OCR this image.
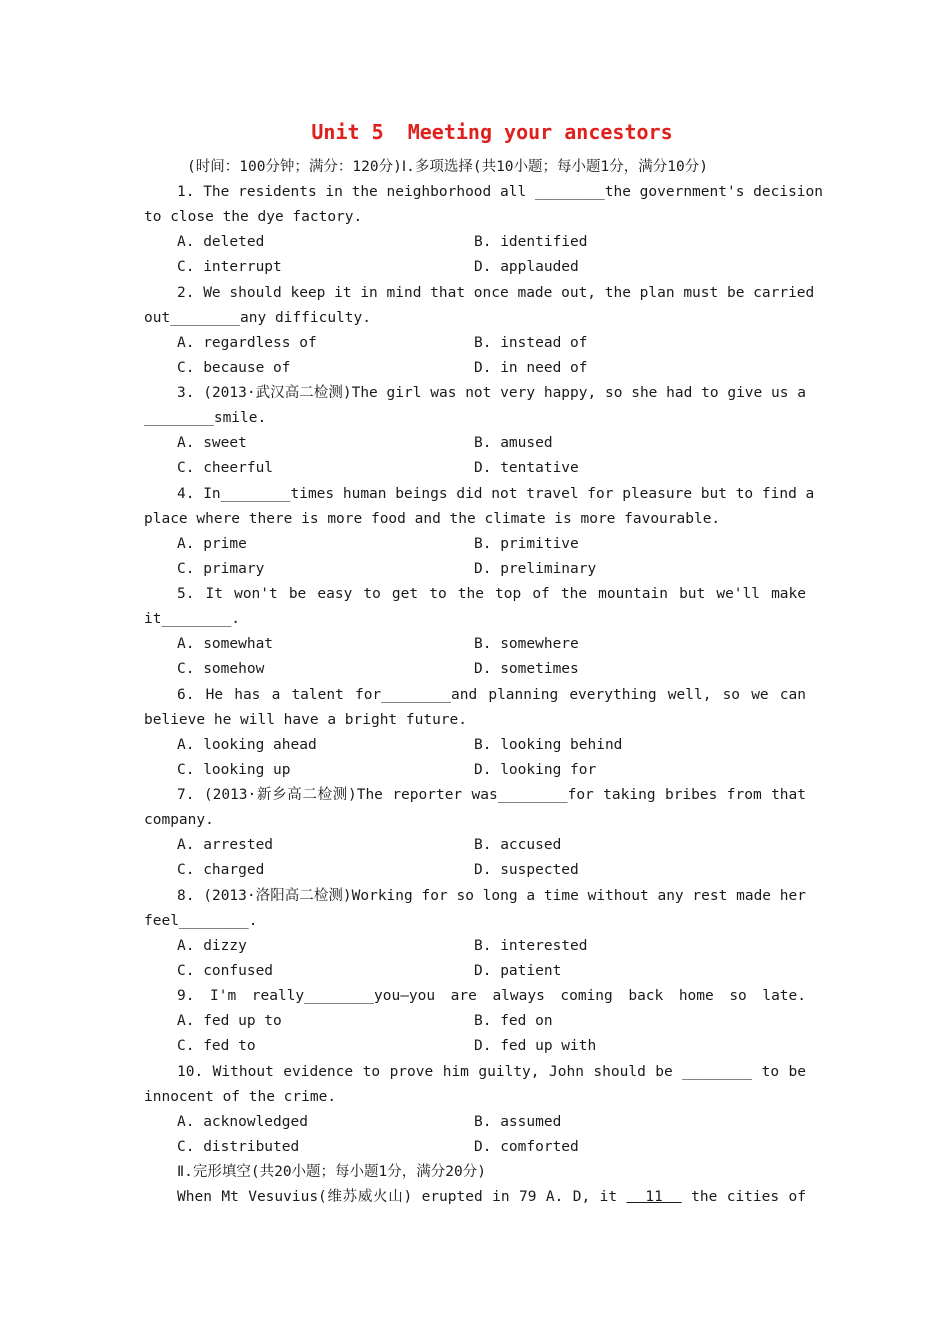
Unit 5  Meeting your ancestors
(时间：100分钟；满分：120分)Ⅰ.多项选择(共10小题；每小题1分，满分10分)
1. The residents in the neighborhood all ________the government's decision
to close the dye factory.
A. deleted	B. identified
C. interrupt	D. applauded
2. We should keep it in mind that once made out, the plan must be carried
out________any difficulty.
A. regardless of	B. instead of
C. because of	D. in need of
3. (2013·武汉高二检测)The girl was not very happy, so she had to give us a
________smile.
A. sweet	B. amused
C. cheerful	D. tentative
4. In________times human beings did not travel for pleasure but to find a
place where there is more food and the climate is more favourable.
A. prime	B. primitive
C. primary	D. preliminary
5. It won't be easy to get to the top of the mountain but we'll make
it________.
A. somewhat	B. somewhere
C. somehow	D. sometimes
6. He has a talent for________and planning everything well, so we can
believe he will have a bright future.
A. looking ahead	B. looking behind
C. looking up	D. looking for
7. (2013·新乡高二检测)The reporter was________for taking bribes from that
company.
A. arrested	B. accused
C. charged	D. suspected
8. (2013·洛阳高二检测)Working for so long a time without any rest made her
feel________.
A. dizzy	B. interested
C. confused	D. patient
9. I'm really________you—you are always coming back home so late.
A. fed up to	B. fed on
C. fed to	D. fed up with
10. Without evidence to prove him guilty, John should be ________ to be
innocent of the crime.
A. acknowledged	B. assumed
C. distributed	D. comforted
Ⅱ.完形填空(共20小题；每小题1分，满分20分)
When Mt Vesuvius(维苏威火山) erupted in 79 A. D, it   11   the cities of
